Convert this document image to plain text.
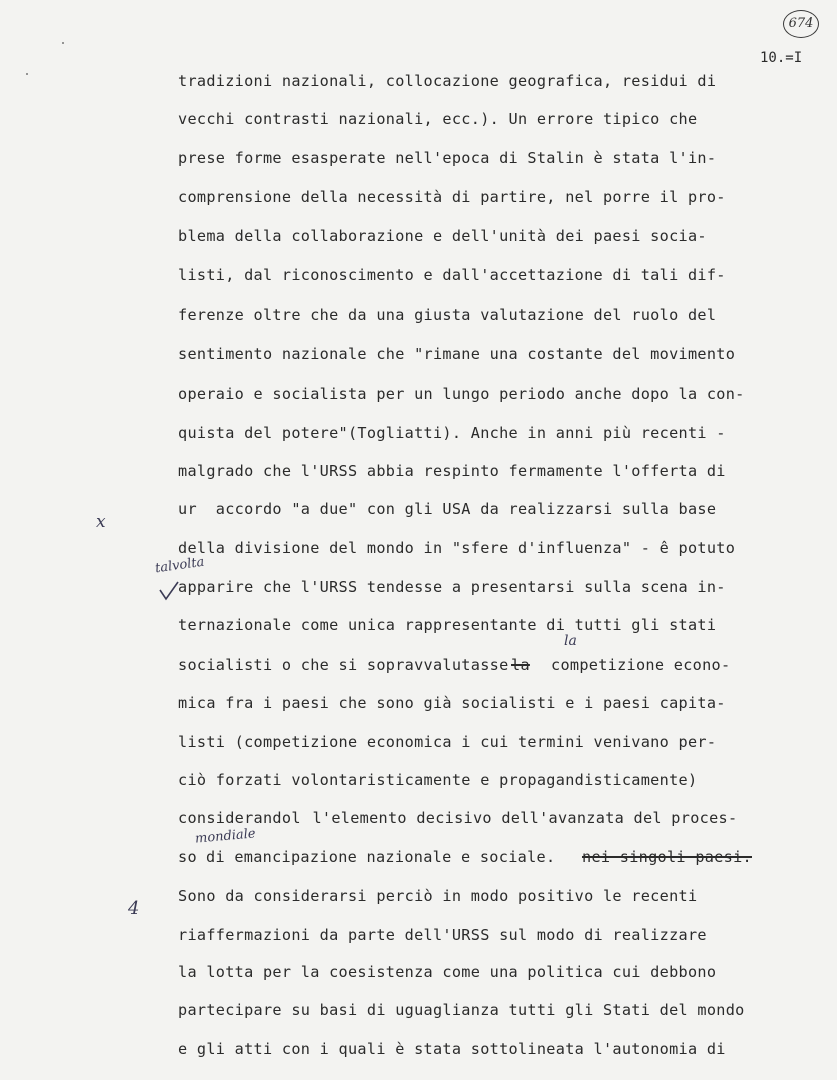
674
10.=I
tradizioni nazionali, collocazione geografica, residui di
vecchi contrasti nazionali, ecc.). Un errore tipico che
prese forme esasperate nell'epoca di Stalin è stata l'in-
comprensione della necessità di partire, nel porre il pro-
blema della collaborazione e dell'unità dei paesi socia-
listi, dal riconoscimento e dall'accettazione di tali dif-
ferenze oltre che da una giusta valutazione del ruolo del
sentimento nazionale che "rimane una costante del movimento
operaio e socialista per un lungo periodo anche dopo la con-
quista del potere"(Togliatti). Anche in anni più recenti -
malgrado che l'URSS abbia respinto fermamente l'offerta di
ur  accordo "a due" con gli USA da realizzarsi sulla base
della divisione del mondo in "sfere d'influenza" - ê potuto
x
talvolta
apparire che l'URSS tendesse a presentarsi sulla scena in-
ternazionale come unica rappresentante di tutti gli stati
la
socialisti o che si sopravvalutasse la competizione econo-
mica fra i paesi che sono già socialisti e i paesi capita-
listi (competizione economica i cui termini venivano per-
ciò forzati volontaristicamente e propagandisticamente)
considerandol l'elemento decisivo dell'avanzata del proces-
mondiale
so di emancipazione nazionale e sociale. nei singoli paesi.
4
Sono da considerarsi perciò in modo positivo le recenti
riaffermazioni da parte dell'URSS sul modo di realizzare
la lotta per la coesistenza come una politica cui debbono
partecipare su basi di uguaglianza tutti gli Stati del mondo
e gli atti con i quali è stata sottolineata l'autonomia di
